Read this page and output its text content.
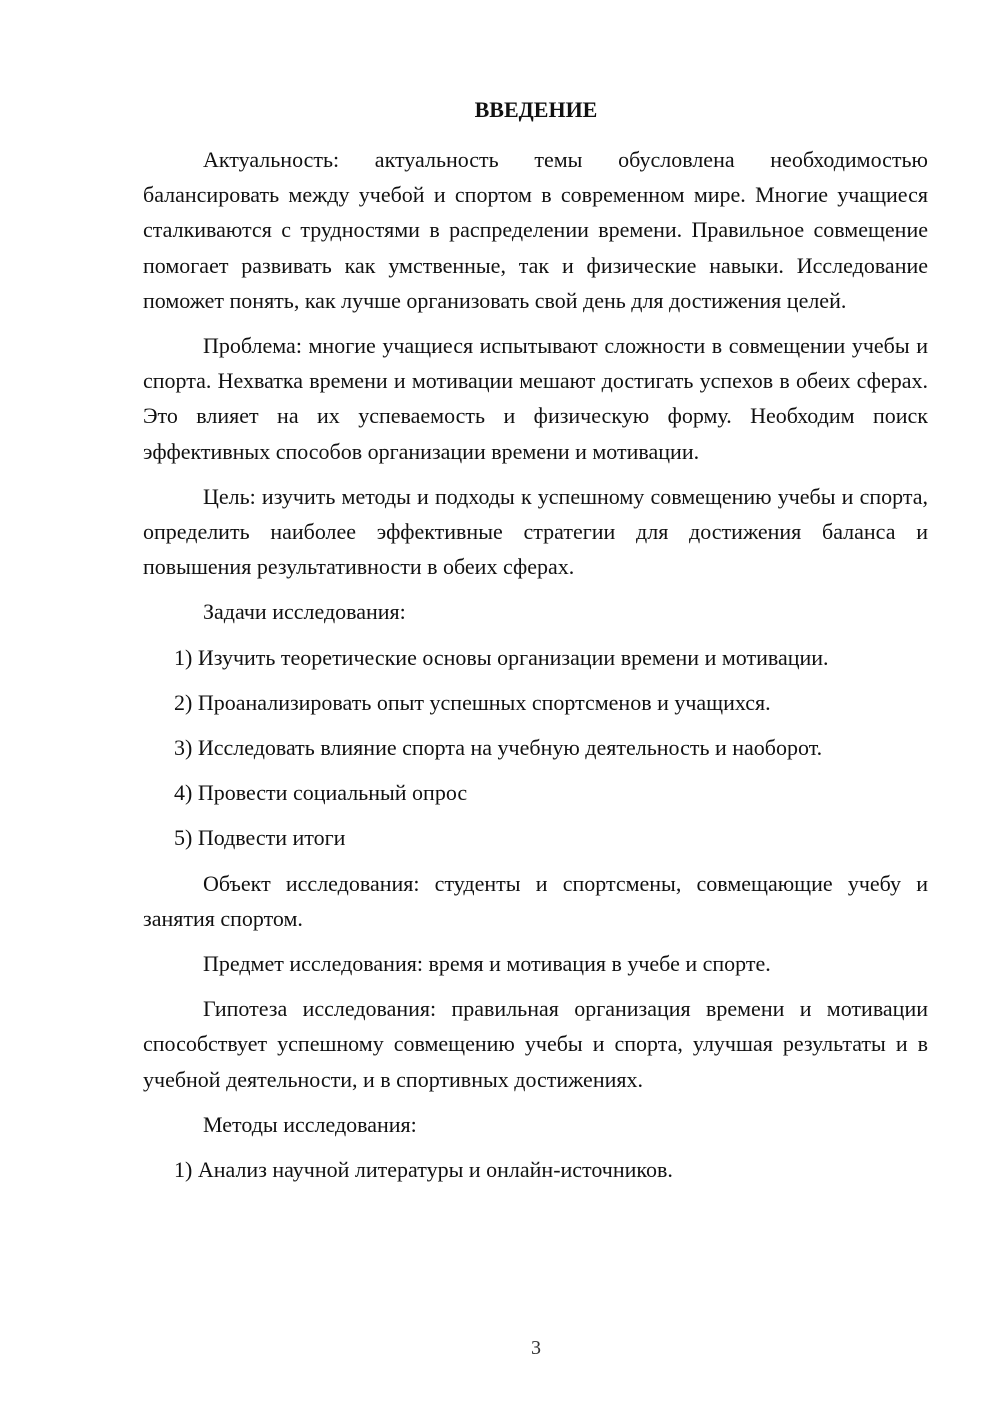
ВВЕДЕНИЕ

Актуальность: актуальность темы обусловлена необходимостью балансировать между учебой и спортом в современном мире. Многие учащиеся сталкиваются с трудностями в распределении времени. Правильное совмещение помогает развивать как умственные, так и физические навыки. Исследование поможет понять, как лучше организовать свой день для достижения целей.

Проблема: многие учащиеся испытывают сложности в совмещении учебы и спорта. Нехватка времени и мотивации мешают достигать успехов в обеих сферах. Это влияет на их успеваемость и физическую форму. Необходим поиск эффективных способов организации времени и мотивации.

Цель: изучить методы и подходы к успешному совмещению учебы и спорта, определить наиболее эффективные стратегии для достижения баланса и повышения результативности в обеих сферах.

Задачи исследования:

1) Изучить теоретические основы организации времени и мотивации.

2) Проанализировать опыт успешных спортсменов и учащихся.

3) Исследовать влияние спорта на учебную деятельность и наоборот.

4) Провести социальный опрос

5) Подвести итоги

Объект исследования: студенты и спортсмены, совмещающие учебу и занятия спортом.

Предмет исследования: время и мотивация в учебе и спорте.

Гипотеза исследования: правильная организация времени и мотивации способствует успешному совмещению учебы и спорта, улучшая результаты и в учебной деятельности, и в спортивных достижениях.

Методы исследования:

1) Анализ научной литературы и онлайн-источников.

3
